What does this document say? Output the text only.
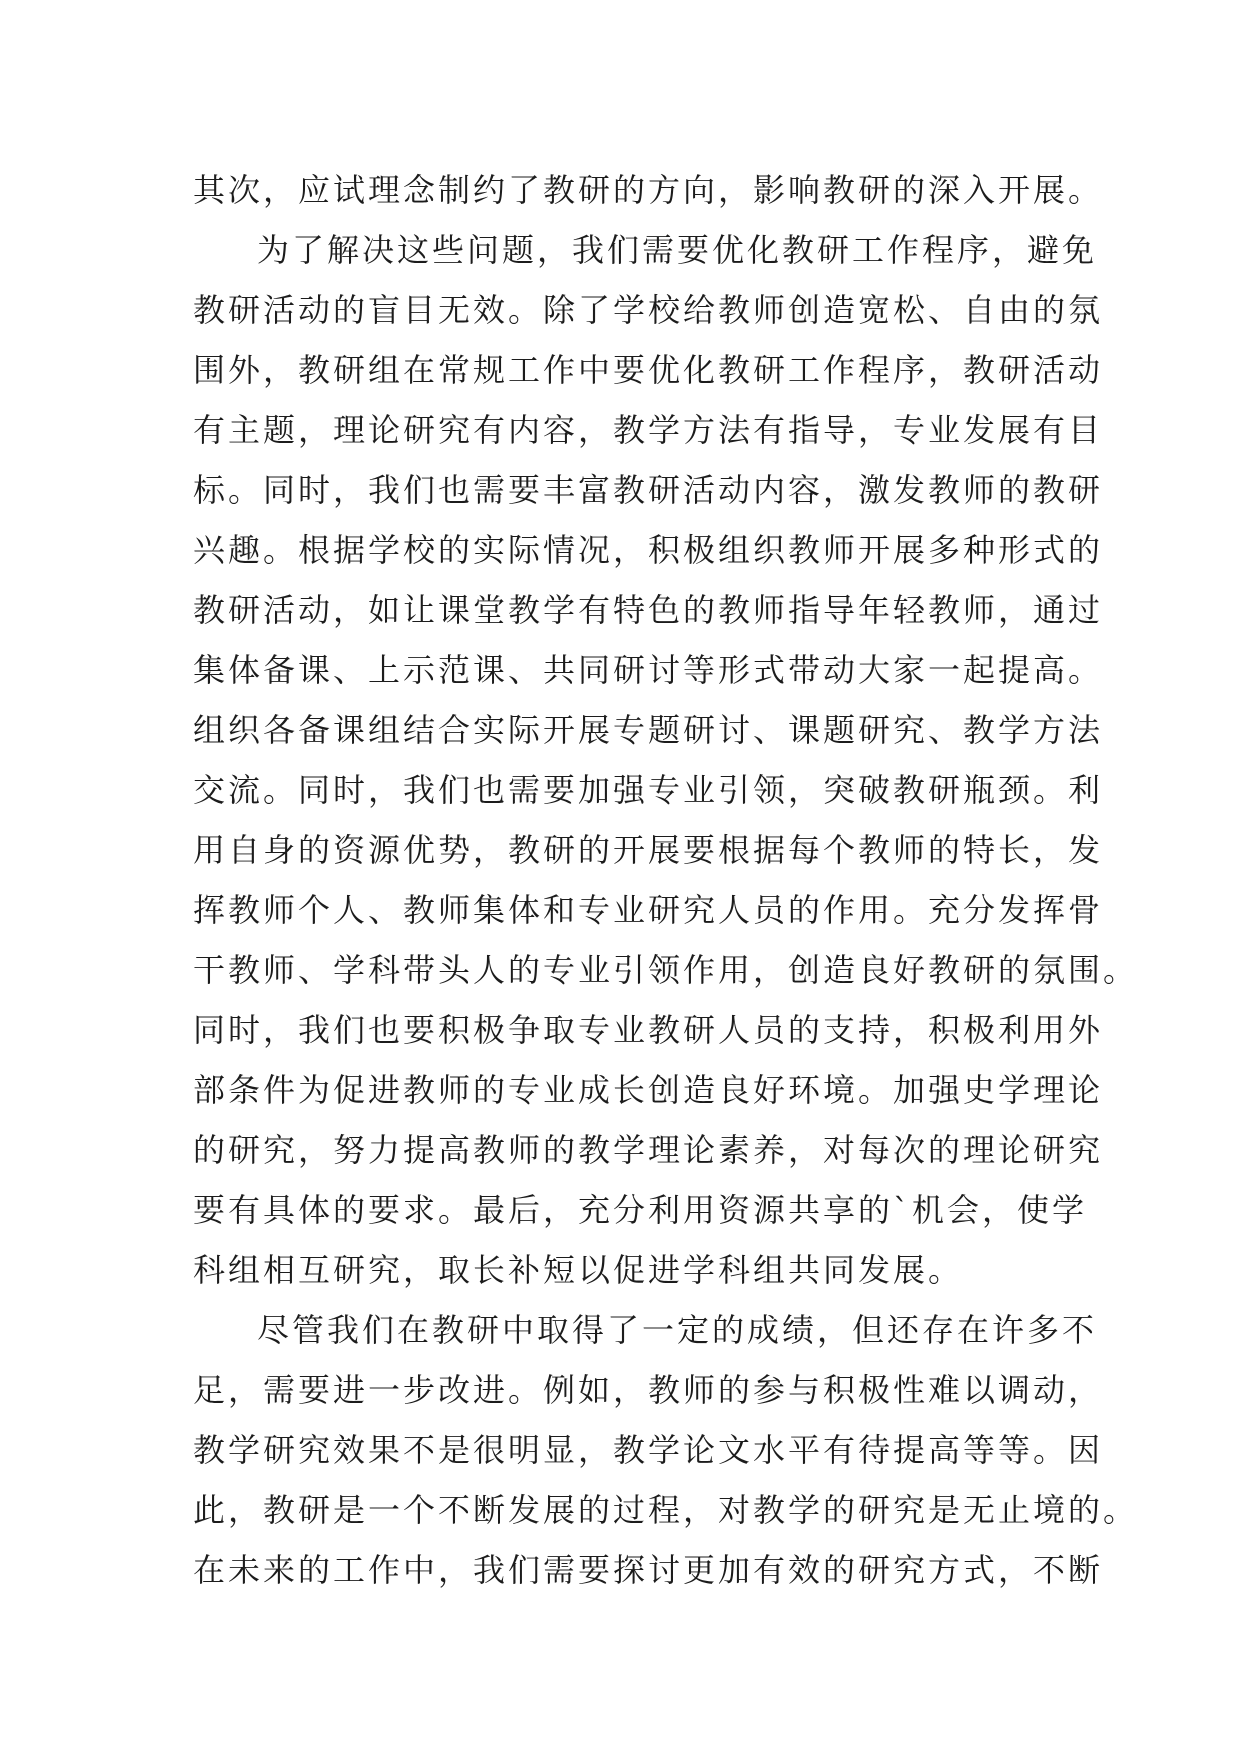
其次，应试理念制约了教研的方向，影响教研的深入开展。
为了解决这些问题，我们需要优化教研工作程序，避免
教研活动的盲目无效。除了学校给教师创造宽松、自由的氛
围外，教研组在常规工作中要优化教研工作程序，教研活动
有主题，理论研究有内容，教学方法有指导，专业发展有目
标。同时，我们也需要丰富教研活动内容，激发教师的教研
兴趣。根据学校的实际情况，积极组织教师开展多种形式的
教研活动，如让课堂教学有特色的教师指导年轻教师，通过
集体备课、上示范课、共同研讨等形式带动大家一起提高。
组织各备课组结合实际开展专题研讨、课题研究、教学方法
交流。同时，我们也需要加强专业引领，突破教研瓶颈。利
用自身的资源优势，教研的开展要根据每个教师的特长，发
挥教师个人、教师集体和专业研究人员的作用。充分发挥骨
干教师、学科带头人的专业引领作用，创造良好教研的氛围。
同时，我们也要积极争取专业教研人员的支持，积极利用外
部条件为促进教师的专业成长创造良好环境。加强史学理论
的研究，努力提高教师的教学理论素养，对每次的理论研究
要有具体的要求。最后，充分利用资源共享的`机会，使学
科组相互研究，取长补短以促进学科组共同发展。
尽管我们在教研中取得了一定的成绩，但还存在许多不
足，需要进一步改进。例如，教师的参与积极性难以调动，
教学研究效果不是很明显，教学论文水平有待提高等等。因
此，教研是一个不断发展的过程，对教学的研究是无止境的。
在未来的工作中，我们需要探讨更加有效的研究方式，不断
